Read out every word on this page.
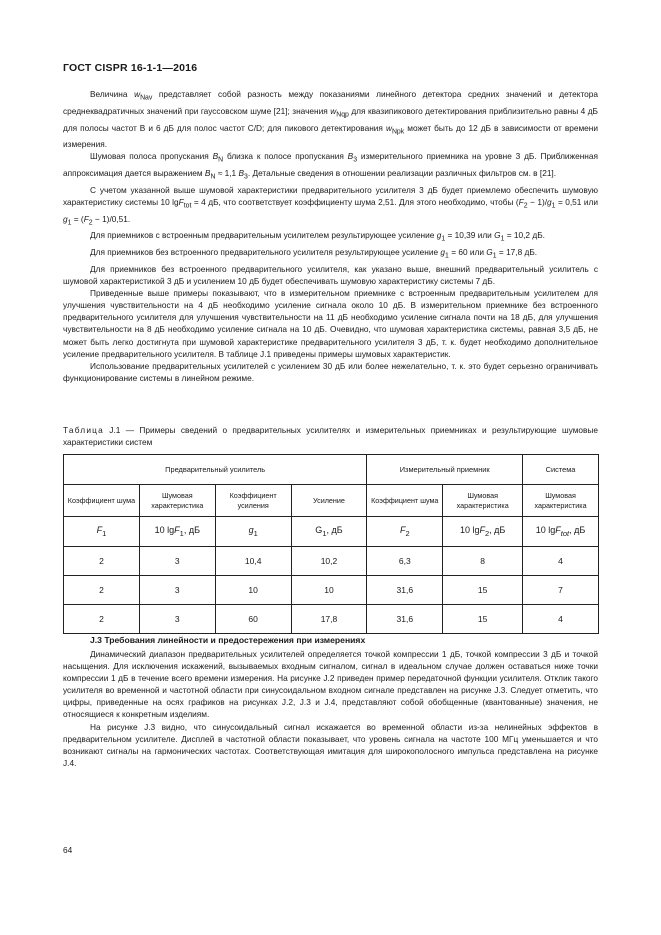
ГОСТ CISPR 16-1-1—2016

Величина $w_{Nav}$ представляет собой разность между показаниями линейного детектора средних значений и детектора среднеквадратичных значений при гауссовском шуме [21]; значения $w_{Nqp}$ для квазипикового детектирования приблизительно равны 4 дБ для полосы частот B и 6 дБ для полос частот C/D; для пикового детектирования $w_{Npk}$ может быть до 12 дБ в зависимости от времени измерения.

Шумовая полоса пропускания $B_N$ близка к полосе пропускания $B_3$ измерительного приемника на уровне 3 дБ. Приближенная аппроксимация дается выражением $B_N \approx 1,1$ $B_3$. Детальные сведения в отношении реализации различных фильтров см. в [21].

С учетом указанной выше шумовой характеристики предварительного усилителя 3 дБ будет приемлемо обеспечить шумовую характеристику системы 10 lgF$_{tot}$ = 4 дБ, что соответствует коэффициенту шума 2,51. Для этого необходимо, чтобы $(F_2 - 1)/g_1 = 0,51$ или $g_1 = (F_2 - 1)/0,51$.

Для приемников с встроенным предварительным усилителем результирующее усиление $g_1 = 10,39$ или $G_1 = 10,2$ дБ.

Для приемников без встроенного предварительного усилителя результирующее усиление $g_1 = 60$ или $G_1 = 17,8$ дБ.

Для приемников без встроенного предварительного усилителя, как указано выше, внешний предварительный усилитель с шумовой характеристикой 3 дБ и усилением 10 дБ будет обеспечивать шумовую характеристику системы 7 дБ.

Приведенные выше примеры показывают, что в измерительном приемнике с встроенным предварительным усилителем для улучшения чувствительности на 4 дБ необходимо усиление сигнала около 10 дБ. В измерительном приемнике без встроенного предварительного усилителя для улучшения чувствительности на 11 дБ необходимо усиление сигнала почти на 18 дБ, для улучшения чувствительности на 8 дБ необходимо усиление сигнала на 10 дБ. Очевидно, что шумовая характеристика системы, равная 3,5 дБ, не может быть легко достигнута при шумовой характеристике предварительного усилителя 3 дБ, т. к. будет необходимо дополнительное усиление предварительного усилителя. В таблице J.1 приведены примеры шумовых характеристик.

Использование предварительных усилителей с усилением 30 дБ или более нежелательно, т. к. это будет серьезно ограничивать функционирование системы в линейном режиме.

Таблица J.1 — Примеры сведений о предварительных усилителях и измерительных приемниках и результирующие шумовые характеристики систем

Предварительный усилитель				Измерительный приемник		Система
Коэффициент шума	Шумовая характеристика	Коэффициент усиления	Усиление	Коэффициент шума	Шумовая характеристика	Шумовая характеристика
$F_1$	10 lgF$_1$, дБ	$g_1$	$G_1$, дБ	$F_2$	10 lgF$_2$, дБ	10 lgF$_{tot}$, дБ
2	3	10,4	10,2	6,3	8	4
2	3	10	10	31,6	15	7
2	3	60	17,8	31,6	15	4
J.3 Требования линейности и предостережения при измерениях

Динамический диапазон предварительных усилителей определяется точкой компрессии 1 дБ, точкой компрессии 3 дБ и точкой насыщения. Для исключения искажений, вызываемых входным сигналом, сигнал в идеальном случае должен оставаться ниже точки компрессии 1 дБ в течение всего времени измерения. На рисунке J.2 приведен пример передаточной функции усилителя. Отклик такого усилителя во временной и частотной области при синусоидальном входном сигнале представлен на рисунке J.3. Следует отметить, что цифры, приведенные на осях графиков на рисунках J.2, J.3 и J.4, представляют собой обобщенные (квантованные) значения, не относящиеся к конкретным изделиям.

На рисунке J.3 видно, что синусоидальный сигнал искажается во временной области из-за нелинейных эффектов в предварительном усилителе. Дисплей в частотной области показывает, что уровень сигнала на частоте 100 МГц уменьшается и что возникают сигналы на гармонических частотах. Соответствующая имитация для широкополосного импульса представлена на рисунке J.4.

64
